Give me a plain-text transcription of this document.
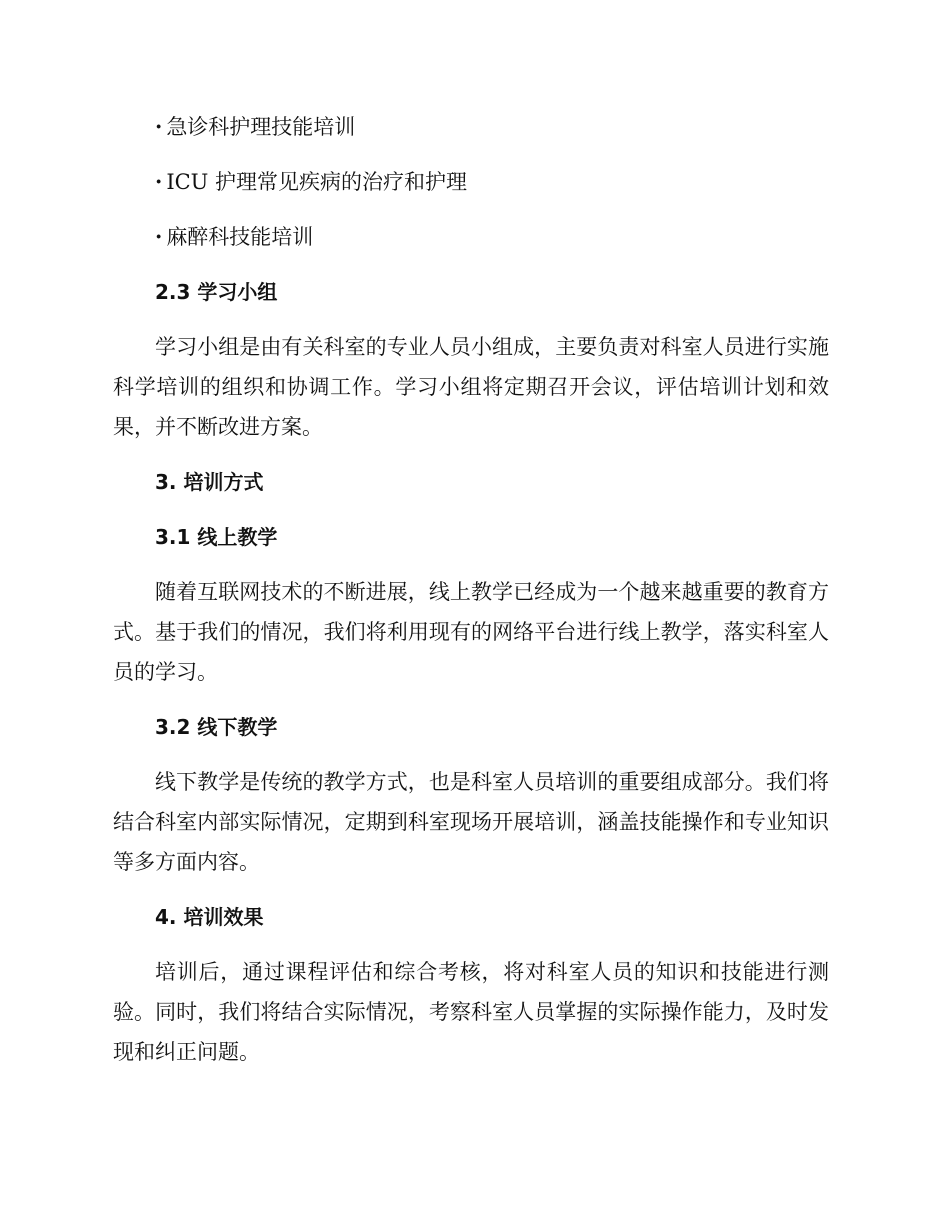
· 急诊科护理技能培训
· ICU 护理常见疾病的治疗和护理
· 麻醉科技能培训
2.3 学习小组
学习小组是由有关科室的专业人员小组成，主要负责对科室人员进行实施科学培训的组织和协调工作。学习小组将定期召开会议，评估培训计划和效果，并不断改进方案。
3. 培训方式
3.1 线上教学
随着互联网技术的不断进展，线上教学已经成为一个越来越重要的教育方式。基于我们的情况，我们将利用现有的网络平台进行线上教学，落实科室人员的学习。
3.2 线下教学
线下教学是传统的教学方式，也是科室人员培训的重要组成部分。我们将结合科室内部实际情况，定期到科室现场开展培训，涵盖技能操作和专业知识等多方面内容。
4. 培训效果
培训后，通过课程评估和综合考核，将对科室人员的知识和技能进行测验。同时，我们将结合实际情况，考察科室人员掌握的实际操作能力，及时发现和纠正问题。
